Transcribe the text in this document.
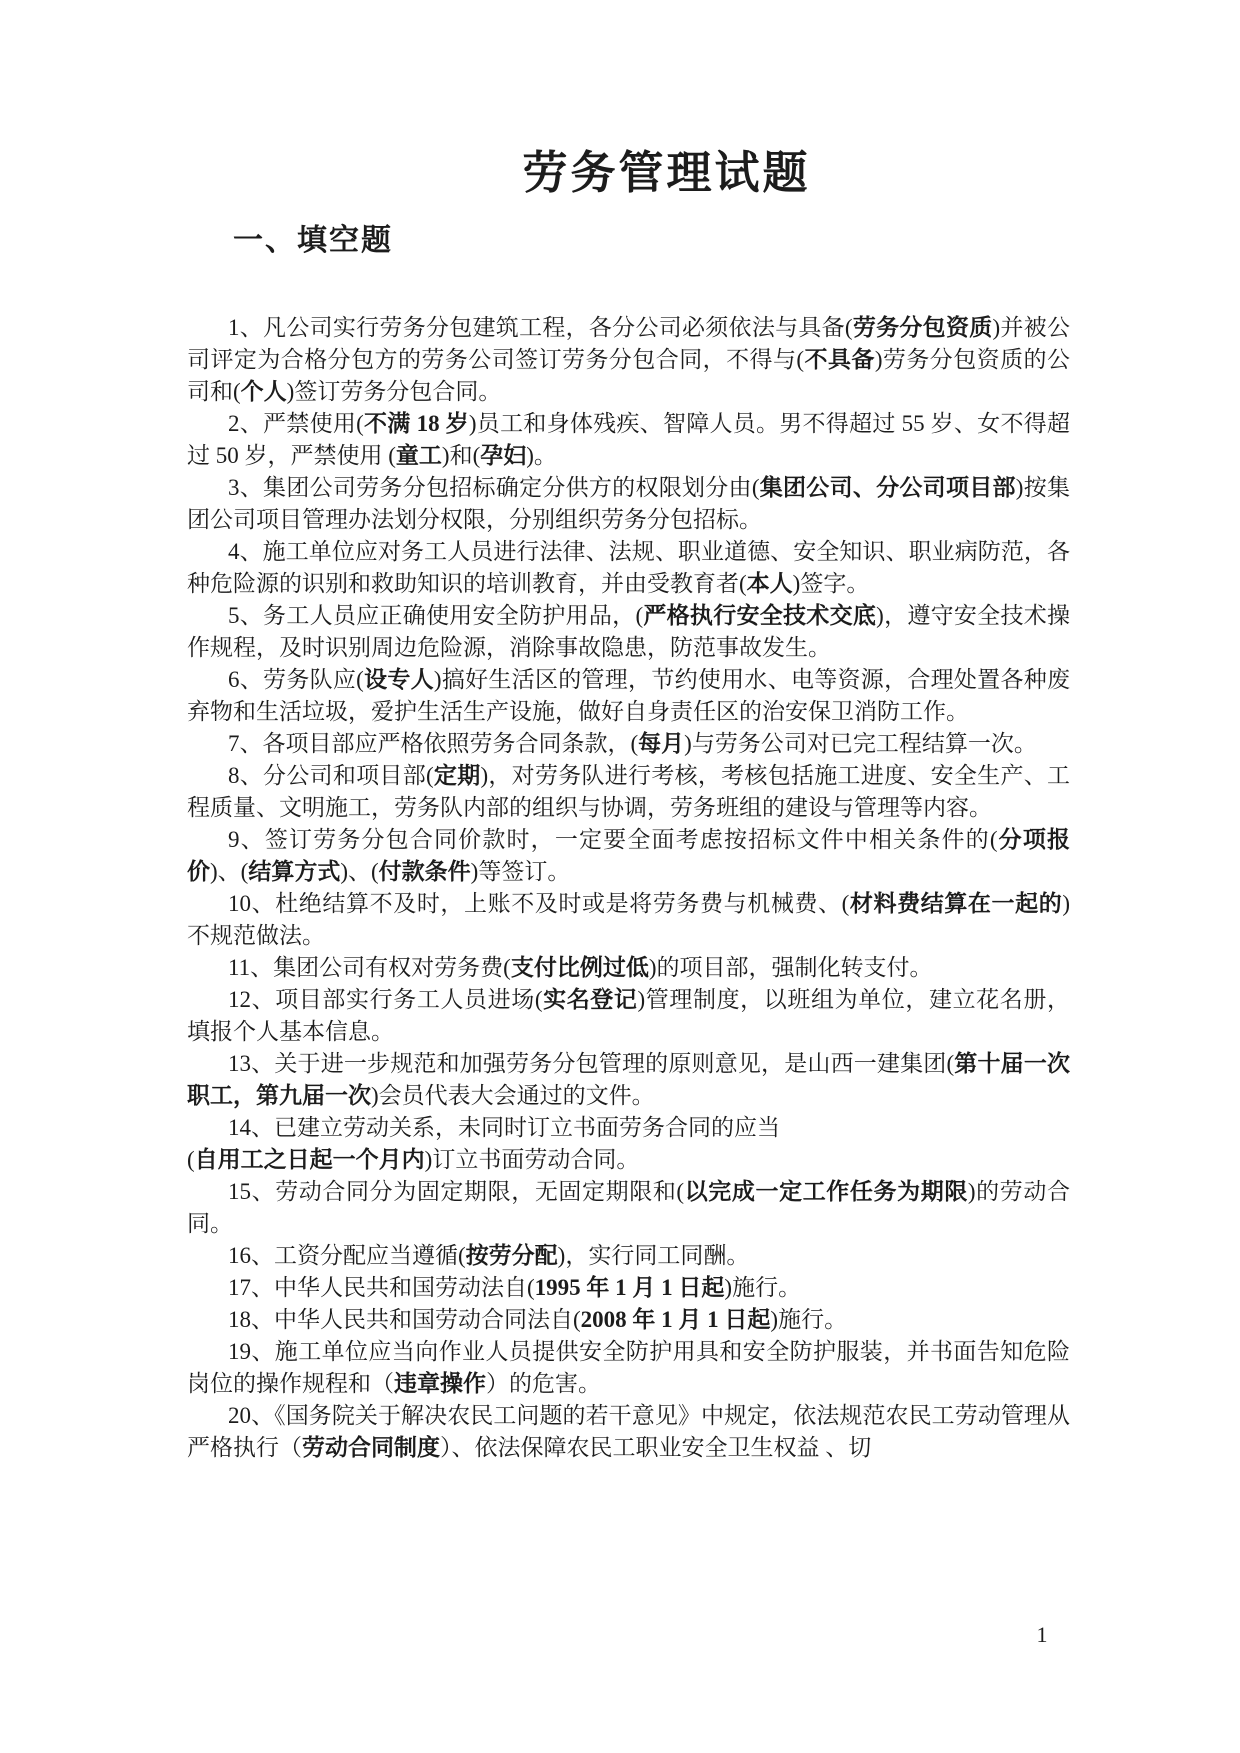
劳务管理试题
一、填空题

1、凡公司实行劳务分包建筑工程，各分公司必须依法与具备(劳务分包资质)并被公司评定为合格分包方的劳务公司签订劳务分包合同，不得与(不具备)劳务分包资质的公司和(个人)签订劳务分包合同。

2、严禁使用(不满 18 岁)员工和身体残疾、智障人员。男不得超过 55 岁、女不得超过 50 岁，严禁使用 (童工)和(孕妇)。

3、集团公司劳务分包招标确定分供方的权限划分由(集团公司、分公司项目部)按集团公司项目管理办法划分权限，分别组织劳务分包招标。

4、施工单位应对务工人员进行法律、法规、职业道德、安全知识、职业病防范，各种危险源的识别和救助知识的培训教育，并由受教育者(本人)签字。

5、务工人员应正确使用安全防护用品，(严格执行安全技术交底)，遵守安全技术操作规程，及时识别周边危险源，消除事故隐患，防范事故发生。

6、劳务队应(设专人)搞好生活区的管理，节约使用水、电等资源，合理处置各种废弃物和生活垃圾，爱护生活生产设施，做好自身责任区的治安保卫消防工作。

7、各项目部应严格依照劳务合同条款，(每月)与劳务公司对已完工程结算一次。

8、分公司和项目部(定期)，对劳务队进行考核，考核包括施工进度、安全生产、工程质量、文明施工，劳务队内部的组织与协调，劳务班组的建设与管理等内容。

9、签订劳务分包合同价款时，一定要全面考虑按招标文件中相关条件的(分项报价)、(结算方式)、(付款条件)等签订。

10、杜绝结算不及时，上账不及时或是将劳务费与机械费、(材料费结算在一起的)不规范做法。

11、集团公司有权对劳务费(支付比例过低)的项目部，强制化转支付。

12、项目部实行务工人员进场(实名登记)管理制度，以班组为单位，建立花名册，填报个人基本信息。

13、关于进一步规范和加强劳务分包管理的原则意见，是山西一建集团(第十届一次职工，第九届一次)会员代表大会通过的文件。

14、已建立劳动关系，未同时订立书面劳务合同的应当
(自用工之日起一个月内)订立书面劳动合同。

15、劳动合同分为固定期限，无固定期限和(以完成一定工作任务为期限)的劳动合同。

16、工资分配应当遵循(按劳分配)，实行同工同酬。

17、中华人民共和国劳动法自(1995 年 1 月 1 日起)施行。

18、中华人民共和国劳动合同法自(2008 年 1 月 1 日起)施行。

19、施工单位应当向作业人员提供安全防护用具和安全防护服装，并书面告知危险岗位的操作规程和（违章操作）的危害。

20、《国务院关于解决农民工问题的若干意见》中规定，依法规范农民工劳动管理从严格执行（劳动合同制度）、依法保障农民工职业安全卫生权益 、切

1
